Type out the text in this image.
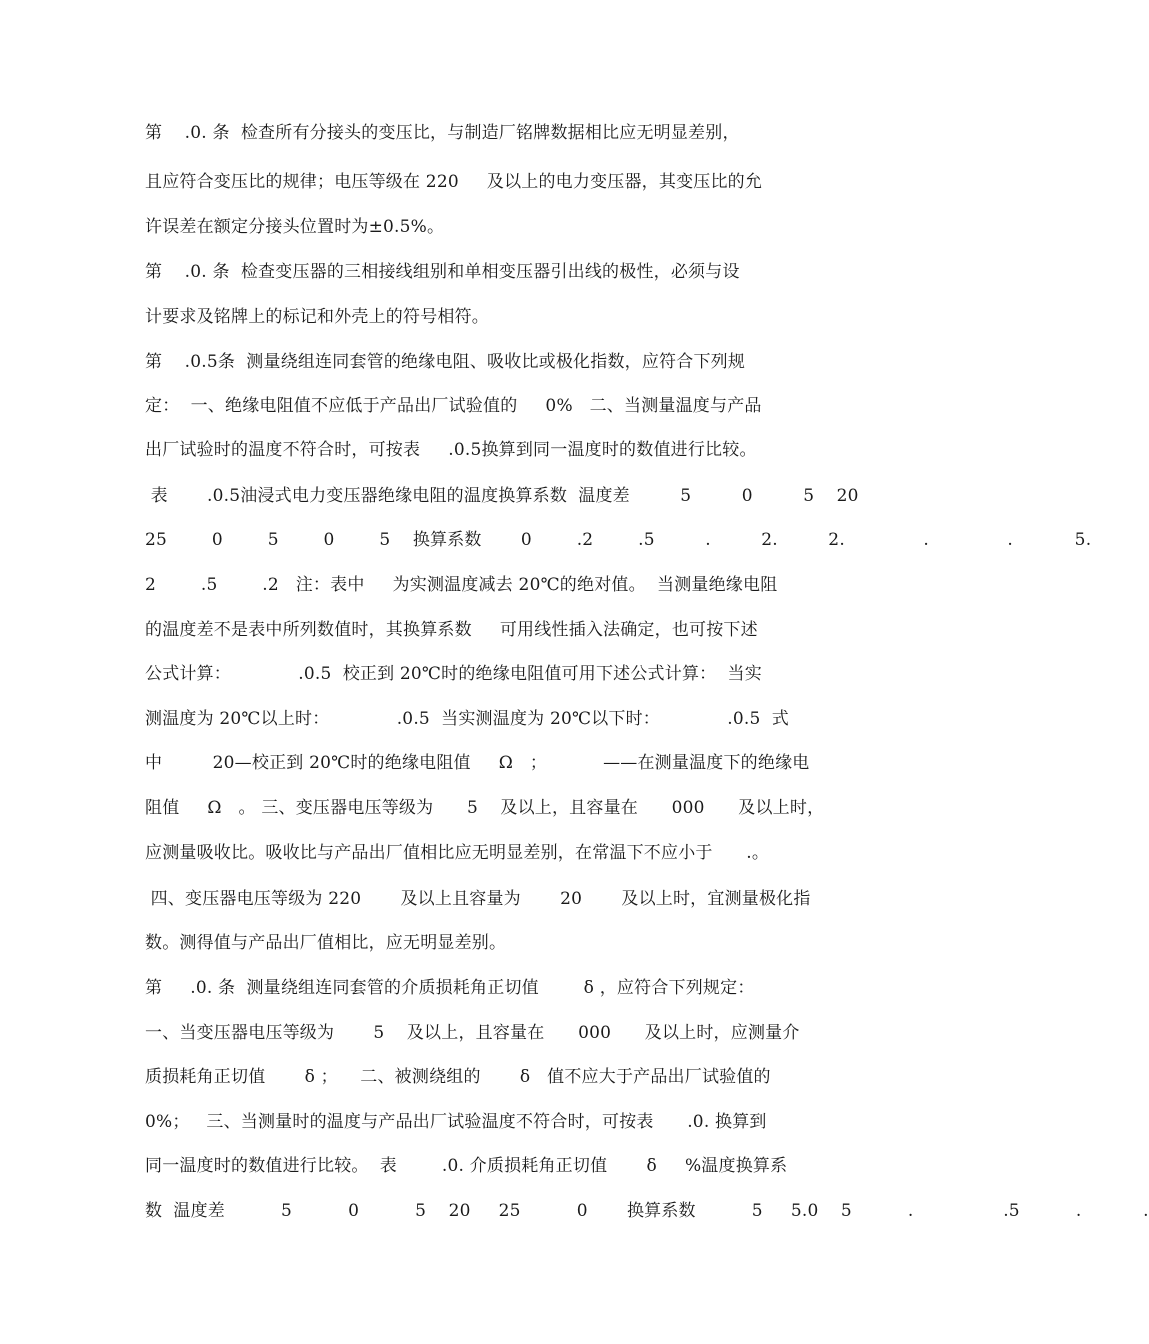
第    .0. 条  检查所有分接头的变压比，与制造厂铭牌数据相比应无明显差别，
且应符合变压比的规律；电压等级在 220     及以上的电力变压器，其变压比的允
许误差在额定分接头位置时为±0.5%。
第    .0. 条  检查变压器的三相接线组别和单相变压器引出线的极性，必须与设
计要求及铭牌上的标记和外壳上的符号相符。
第    .0.5条  测量绕组连同套管的绝缘电阻、吸收比或极化指数，应符合下列规
定：  一、绝缘电阻值不应低于产品出厂试验值的     0%   二、当测量温度与产品
出厂试验时的温度不符合时，可按表     .0.5换算到同一温度时的数值进行比较。
表       .0.5油浸式电力变压器绝缘电阻的温度换算系数  温度差         5         0         5    20
25        0        5        0        5    换算系数       0        .2        .5         .         2.         2.              .              .           5.
2        .5        .2   注：表中     为实测温度减去 20℃的绝对值。  当测量绝缘电阻
的温度差不是表中所列数值时，其换算系数     可用线性插入法确定，也可按下述
公式计算：            .0.5  校正到 20℃时的绝缘电阻值可用下述公式计算：  当实
测温度为 20℃以上时：            .0.5  当实测温度为 20℃以下时：            .0.5  式
中         20—校正到 20℃时的绝缘电阻值     Ω   ；          ——在测量温度下的绝缘电
阻值     Ω   。 三、变压器电压等级为      5    及以上，且容量在      000      及以上时，
应测量吸收比。吸收比与产品出厂值相比应无明显差别，在常温下不应小于      .。
四、变压器电压等级为 220       及以上且容量为       20       及以上时，宜测量极化指
数。测得值与产品出厂值相比，应无明显差别。
第     .0. 条  测量绕组连同套管的介质损耗角正切值        δ ，应符合下列规定：
一、当变压器电压等级为       5    及以上，且容量在      000      及以上时，应测量介
质损耗角正切值       δ ；    二、被测绕组的       δ   值不应大于产品出厂试验值的
0%；   三、当测量时的温度与产品出厂试验温度不符合时，可按表      .0. 换算到
同一温度时的数值进行比较。  表        .0. 介质损耗角正切值       δ     %温度换算系
数  温度差          5          0          5    20     25          0       换算系数          5     5.0    5          .                .5          .           .
